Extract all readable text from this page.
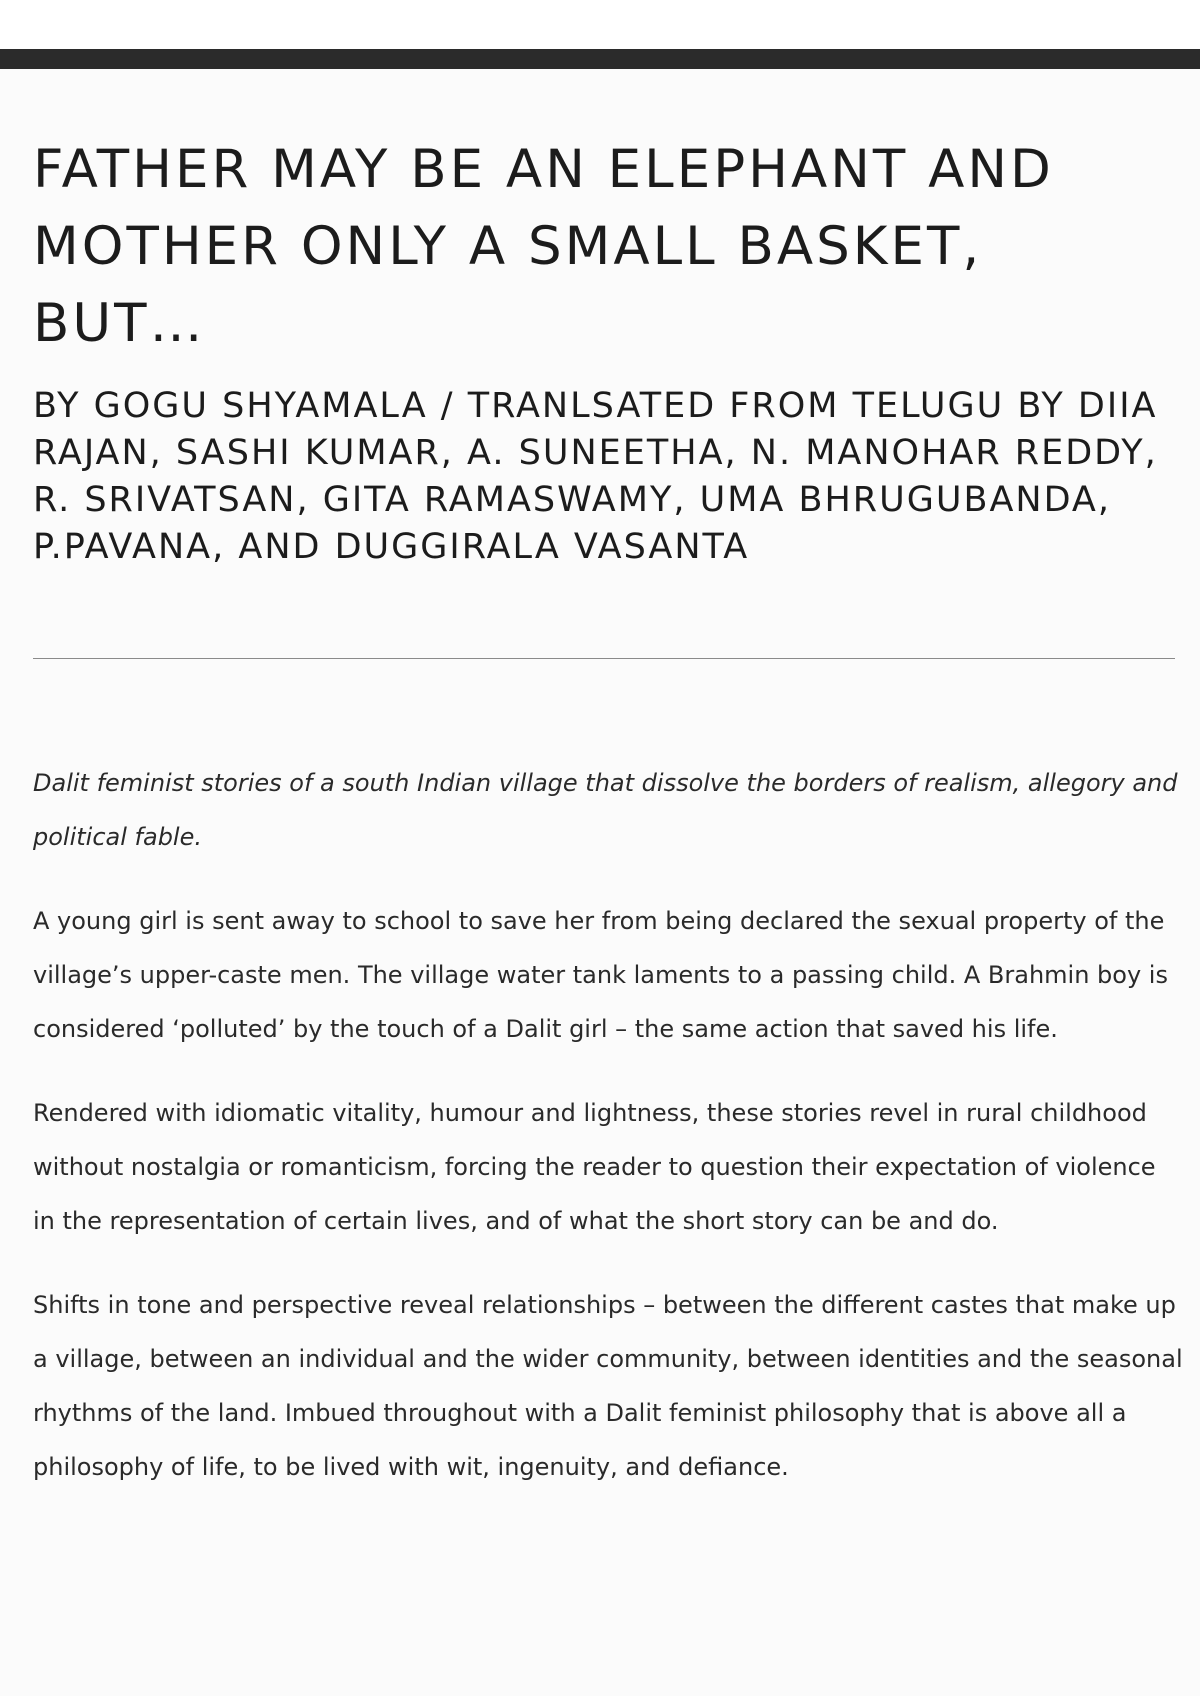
FATHER MAY BE AN ELEPHANT AND MOTHER ONLY A SMALL BASKET, BUT…
BY GOGU SHYAMALA / TRANLSATED FROM TELUGU BY DIIA RAJAN, SASHI KUMAR, A. SUNEETHA, N. MANOHAR REDDY, R. SRIVATSAN, GITA RAMASWAMY, UMA BHRUGUBANDA, P.PAVANA, AND DUGGIRALA VASANTA

Dalit feminist stories of a south Indian village that dissolve the borders of realism, allegory and political fable.

A young girl is sent away to school to save her from being declared the sexual property of the village’s upper-caste men. The village water tank laments to a passing child. A Brahmin boy is considered ‘polluted’ by the touch of a Dalit girl – the same action that saved his life.

Rendered with idiomatic vitality, humour and lightness, these stories revel in rural childhood without nostalgia or romanticism, forcing the reader to question their expectation of violence in the representation of certain lives, and of what the short story can be and do.

Shifts in tone and perspective reveal relationships – between the different castes that make up a village, between an individual and the wider community, between identities and the seasonal rhythms of the land. Imbued throughout with a Dalit feminist philosophy that is above all a philosophy of life, to be lived with wit, ingenuity, and defiance.
